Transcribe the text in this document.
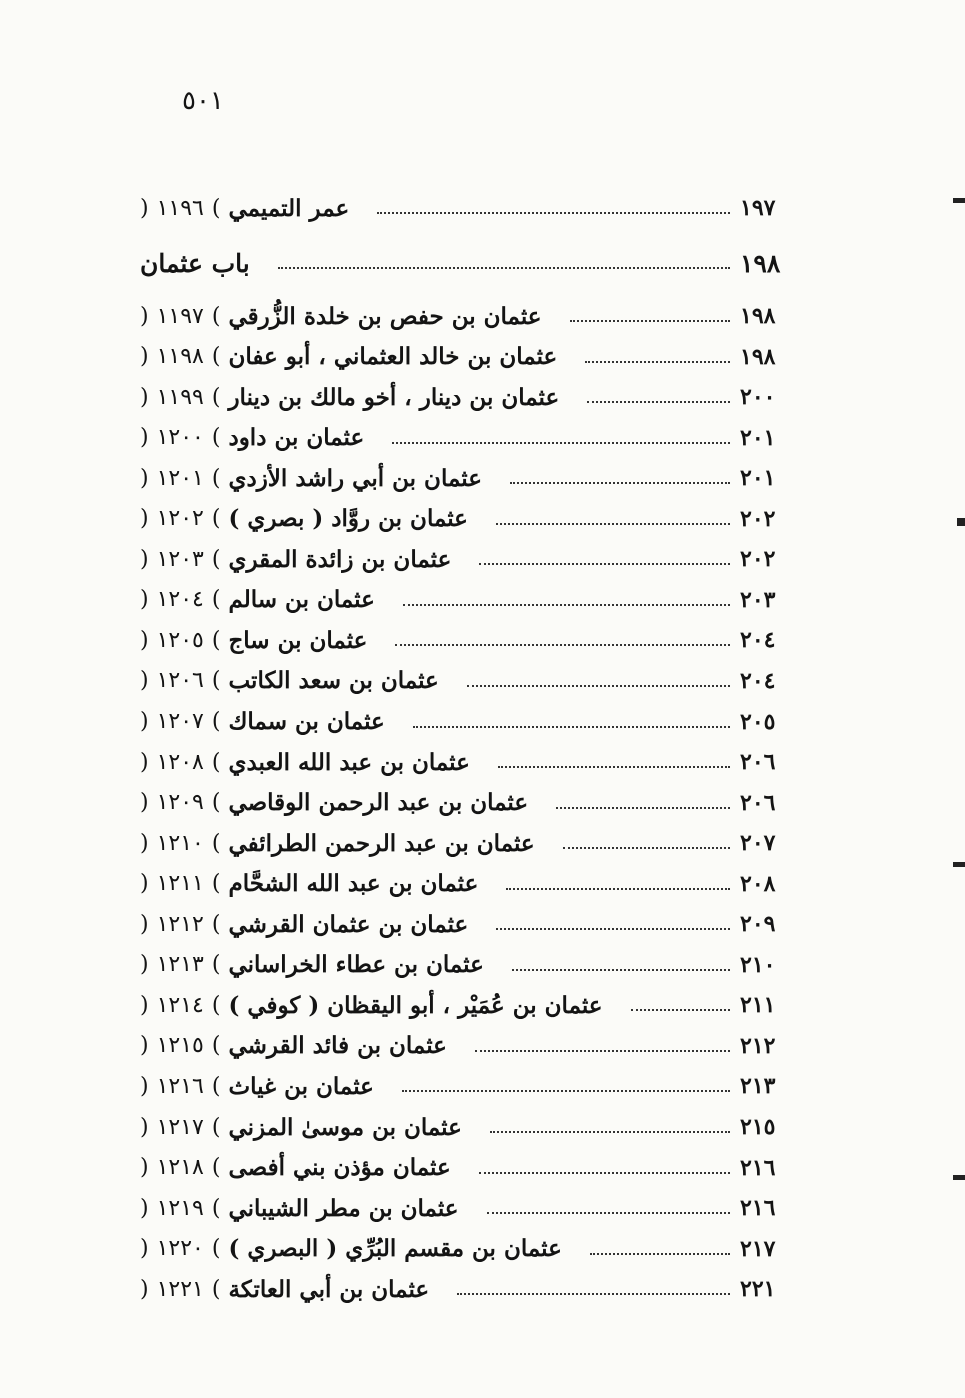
٥٠١
( ١١٩٦ ) عمر التميمي	١٩٧
باب عثمان	١٩٨
( ١١٩٧ ) عثمان بن حفص بن خلدة الزُّرقي	١٩٨
( ١١٩٨ ) عثمان بن خالد العثماني ، أبو عفان	١٩٨
( ١١٩٩ ) عثمان بن دينار ، أخو مالك بن دينار	٢٠٠
( ١٢٠٠ ) عثمان بن داود	٢٠١
( ١٢٠١ ) عثمان بن أبي راشد الأزدي	٢٠١
( ١٢٠٢ ) عثمان بن روَّاد ( بصري )	٢٠٢
( ١٢٠٣ ) عثمان بن زائدة المقري	٢٠٢
( ١٢٠٤ ) عثمان بن سالم	٢٠٣
( ١٢٠٥ ) عثمان بن ساج	٢٠٤
( ١٢٠٦ ) عثمان بن سعد الكاتب	٢٠٤
( ١٢٠٧ ) عثمان بن سماك	٢٠٥
( ١٢٠٨ ) عثمان بن عبد الله العبدي	٢٠٦
( ١٢٠٩ ) عثمان بن عبد الرحمن الوقاصي	٢٠٦
( ١٢١٠ ) عثمان بن عبد الرحمن الطرائفي	٢٠٧
( ١٢١١ ) عثمان بن عبد الله الشحَّام	٢٠٨
( ١٢١٢ ) عثمان بن عثمان القرشي	٢٠٩
( ١٢١٣ ) عثمان بن عطاء الخراساني	٢١٠
( ١٢١٤ ) عثمان بن عُمَيْر ، أبو اليقظان ( كوفي )	٢١١
( ١٢١٥ ) عثمان بن فائد القرشي	٢١٢
( ١٢١٦ ) عثمان بن غياث	٢١٣
( ١٢١٧ ) عثمان بن موسىٰ المزني	٢١٥
( ١٢١٨ ) عثمان مؤذن بني أفصى	٢١٦
( ١٢١٩ ) عثمان بن مطر الشيباني	٢١٦
( ١٢٢٠ ) عثمان بن مقسم البُرِّي ( البصري )	٢١٧
( ١٢٢١ ) عثمان بن أبي العاتكة	٢٢١
